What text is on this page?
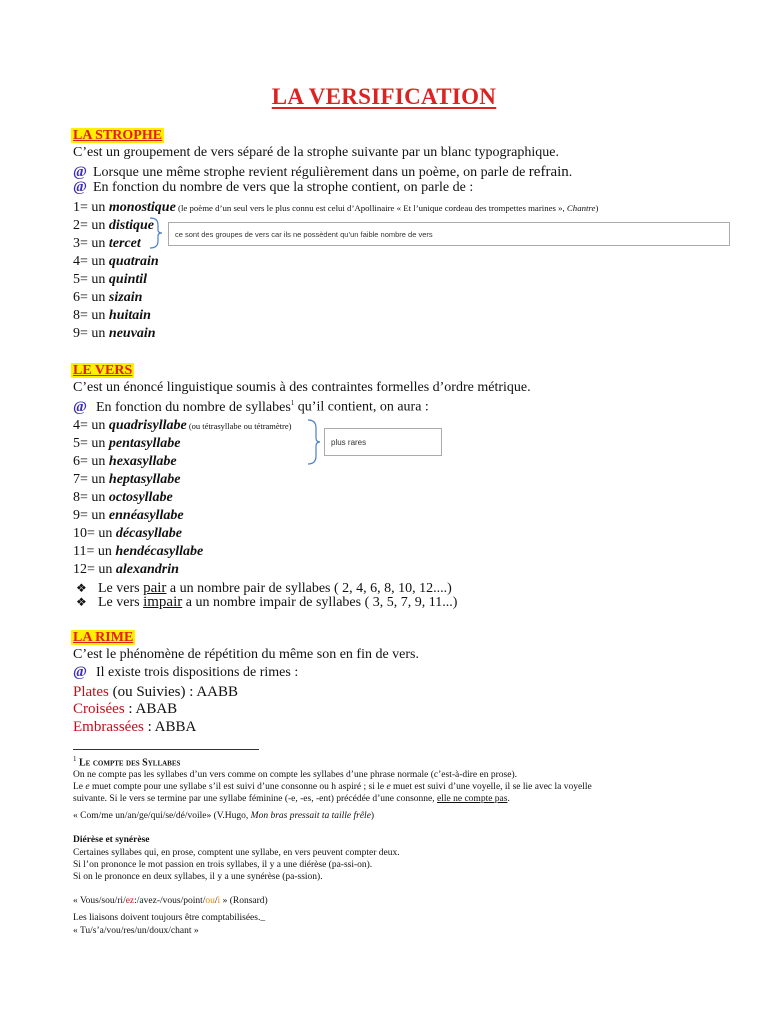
LA VERSIFICATION
LA STROPHE
C’est un groupement de vers séparé de la strophe suivante par un blanc typographique.
@ Lorsque une même strophe revient régulièrement dans un poème, on parle de refrain.
@ En fonction du nombre de vers que la strophe contient, on parle de :
1= un monostique (le poème d’un seul vers le plus connu est celui d’Apollinaire « Et l’unique cordeau des trompettes marines », Chantre)
2= un distique
3= un tercet
4= un quatrain
5= un quintil
6= un sizain
8= un huitain
9= un neuvain
ce sont des groupes de vers car ils ne possèdent qu’un faible nombre de vers
LE VERS
C’est un énoncé linguistique soumis à des contraintes formelles d’ordre métrique.
@ En fonction du nombre de syllabes$^1$ qu’il contient, on aura :
4= un quadrisyllabe (ou tétrasyllabe ou tétramètre)
5= un pentasyllabe
6= un hexasyllabe
7= un heptasyllabe
8= un octosyllabe
9= un ennéasyllabe
10= un décasyllabe
11= un hendécasyllabe
12= un alexandrin
plus rares
❖ Le vers pair a un nombre pair de syllabes ( 2, 4, 6, 8, 10, 12....)
❖ Le vers impair a un nombre impair de syllabes ( 3, 5, 7, 9, 11...)
LA RIME
C’est le phénomène de répétition du même son en fin de vers.
@ Il existe trois dispositions de rimes :
Plates (ou Suivies) : AABB
Croisées : ABAB
Embrassées : ABBA
$^1$ Le compte des Syllabes
On ne compte pas les syllabes d’un vers comme on compte les syllabes d’une phrase normale (c’est-à-dire en prose).
Le e muet compte pour une syllabe s’il est suivi d’une consonne ou h aspiré ; si le e muet est suivi d’une voyelle, il se lie avec la voyelle
suivante. Si le vers se termine par une syllabe féminine (-e, -es, -ent) précédée d’une consonne, elle ne compte pas.
« Com/me un/an/ge/qui/se/dé/voile» (V.Hugo, Mon bras pressait ta taille frêle)
Diérèse et synérèse
Certaines syllabes qui, en prose, comptent une syllabe, en vers peuvent compter deux.
Si l’on prononce le mot passion en trois syllabes, il y a une diérèse (pa-ssi-on).
Si on le prononce en deux syllabes, il y a une synérèse (pa-ssion).
« Vous/sou/ri/ez:/avez-/vous/point/ou/i » (Ronsard)
Les liaisons doivent toujours être comptabilisées._
« Tu/s’a/vou/res/un/doux/chant »
